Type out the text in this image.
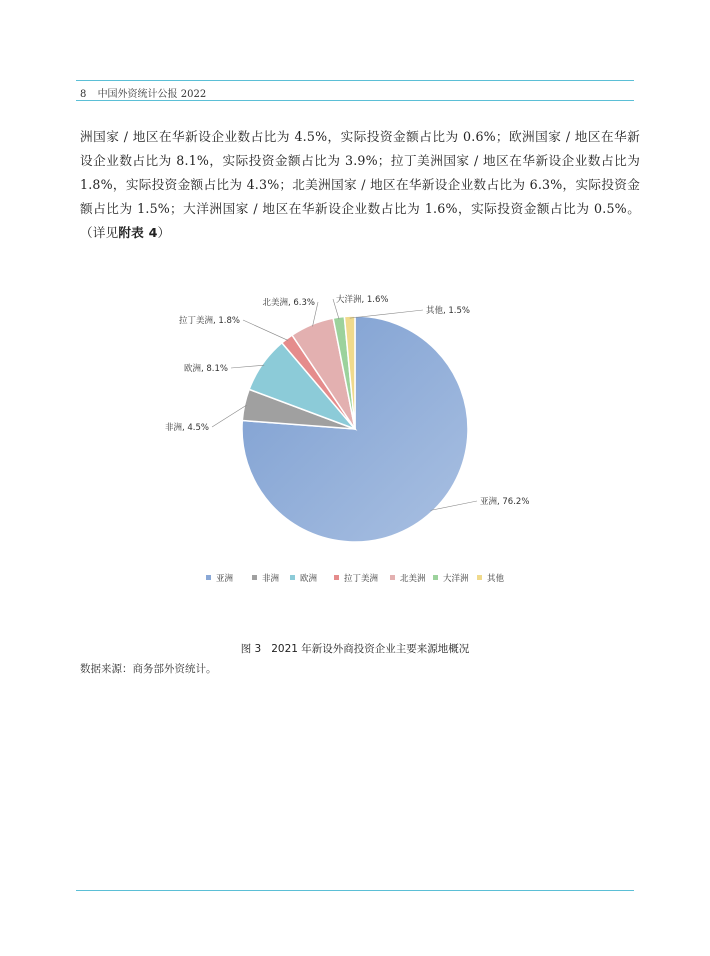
8 中国外资统计公报 2022
洲国家 / 地区在华新设企业数占比为 4.5%，实际投资金额占比为 0.6%；欧洲国家 / 地区在华新设企业数占比为 8.1%，实际投资金额占比为 3.9%；拉丁美洲国家 / 地区在华新设企业数占比为 1.8%，实际投资金额占比为 4.3%；北美洲国家 / 地区在华新设企业数占比为 6.3%，实际投资金额占比为 1.5%；大洋洲国家 / 地区在华新设企业数占比为 1.6%，实际投资金额占比为 0.5%。（详见附表 4）
亚洲, 76.2%
非洲, 4.5%
欧洲, 8.1%
拉丁美洲, 1.8%
北美洲, 6.3% 大洋洲, 1.6%
其他, 1.5%
亚洲	非洲 欧洲	拉丁美洲	北美洲 大洋洲 其他
图 3 2021 年新设外商投资企业主要来源地概况
数据来源：商务部外资统计。
